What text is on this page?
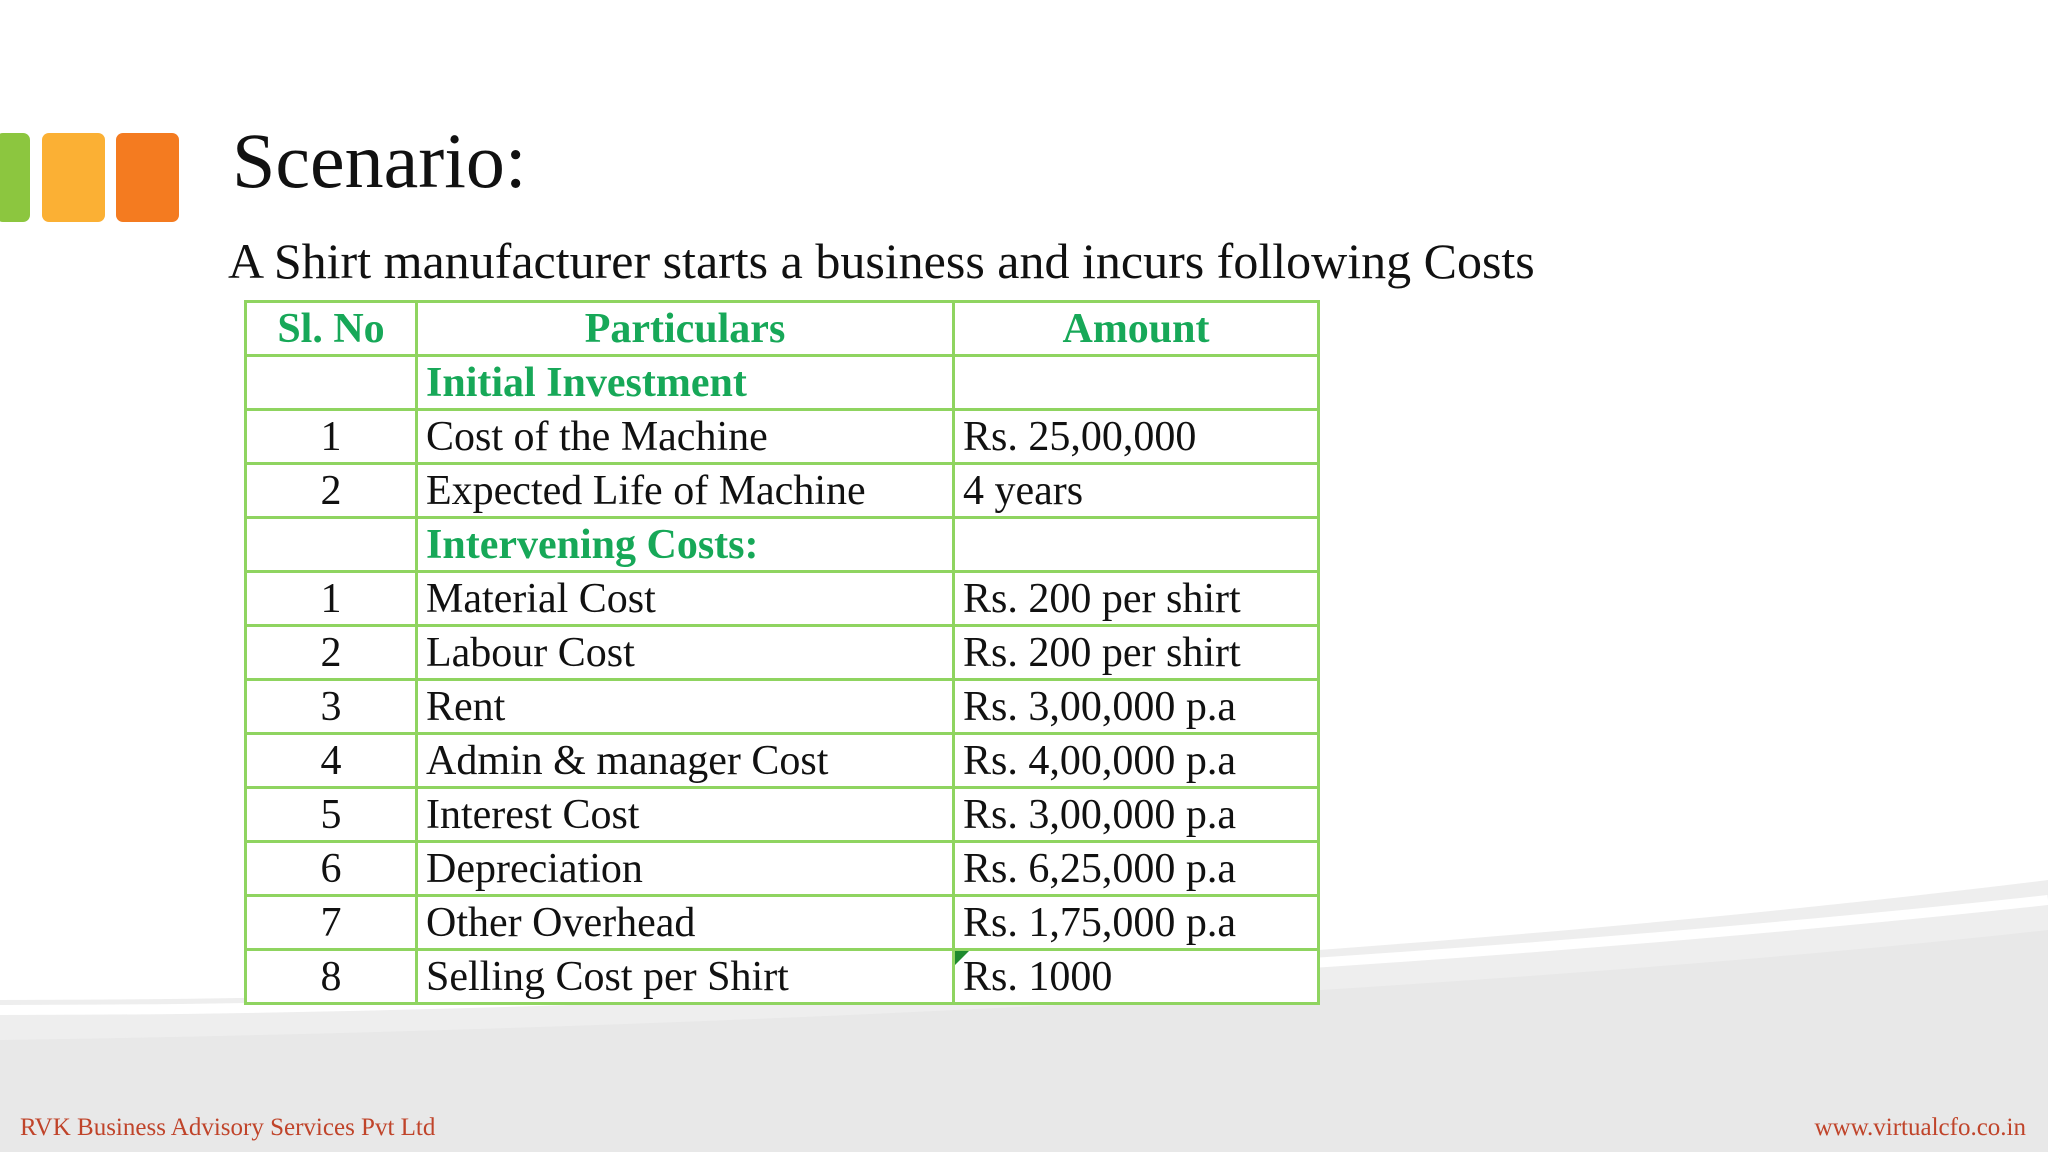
Scenario:
A Shirt manufacturer starts a business and incurs following Costs
Sl. No	Particulars	Amount
	Initial Investment	
1	Cost of the Machine	Rs. 25,00,000
2	Expected Life of Machine	4 years
	Intervening Costs:	
1	Material Cost	Rs. 200 per shirt
2	Labour Cost	Rs. 200 per shirt
3	Rent	Rs. 3,00,000 p.a
4	Admin & manager Cost	Rs. 4,00,000 p.a
5	Interest Cost	Rs. 3,00,000 p.a
6	Depreciation	Rs. 6,25,000 p.a
7	Other Overhead	Rs. 1,75,000 p.a
8	Selling Cost per Shirt	Rs. 1000
RVK Business Advisory Services Pvt Ltd	www.virtualcfo.co.in
